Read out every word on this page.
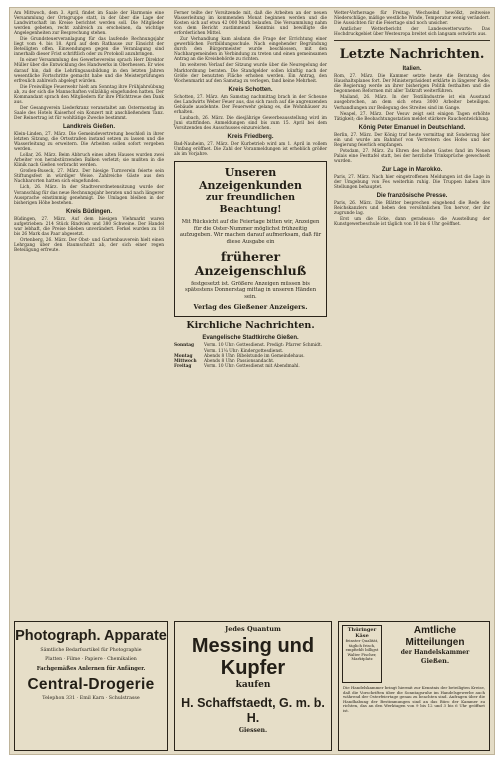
Am Mittwoch, dem 3. April, findet im Saale der Harmonie eine Versammlung der Ortsgruppe statt, in der über die Lage der Landwirtschaft im Kreise berichtet werden soll. Die Mitglieder werden gebeten, recht zahlreich zu erscheinen, da wichtige Angelegenheiten zur Besprechung stehen.

Die Grundsteuerveranlagung für das laufende Rechnungsjahr liegt vom 4. bis 18. April auf dem Rathause zur Einsicht der Beteiligten offen. Einwendungen gegen die Veranlagung sind innerhalb dieser Frist schriftlich oder zu Protokoll anzubringen.

In einer Versammlung des Gewerbevereins sprach Herr Direktor Müller über die Entwicklung des Handwerks in Oberhessen. Er wies darauf hin, daß die Lehrlingsausbildung in den letzten Jahren wesentliche Fortschritte gemacht habe und die Meisterprüfungen erfreulich zahlreich abgelegt würden.

Die Freiwillige Feuerwehr hielt am Sonntag ihre Frühjahrsübung ab, zu der sich die Mannschaften vollzählig eingefunden hatten. Der Kommandant sprach den Mitgliedern für ihre Pflichttreue den Dank aus.

Der Gesangverein Liederkranz veranstaltet am Ostermontag im Saale des Hotels Kaiserhof ein Konzert mit anschließendem Tanz. Der Reinertrag ist für wohltätige Zwecke bestimmt.

Landkreis Gießen.

Klein-Linden, 27. März. Die Gemeindevertretung beschloß in ihrer letzten Sitzung, die Ortsstraßen instand setzen zu lassen und die Wasserleitung zu erweitern. Die Arbeiten sollen sofort vergeben werden.

Lollar, 26. März. Beim Abbruch eines alten Hauses wurden zwei Arbeiter von herabstürzenden Balken verletzt; sie mußten in die Klinik nach Gießen verbracht werden.

Großen-Buseck, 27. März. Der hiesige Turnverein feierte sein Stiftungsfest in würdiger Weise. Zahlreiche Gäste aus den Nachbarorten hatten sich eingefunden.

Lich, 26. März. In der Stadtverordnetensitzung wurde der Voranschlag für das neue Rechnungsjahr beraten und nach längerer Aussprache einstimmig genehmigt. Die Umlagen bleiben in der bisherigen Höhe bestehen.

Kreis Büdingen.

Büdingen, 27. März. Auf dem hiesigen Viehmarkt waren aufgetrieben: 214 Stück Rindvieh und 380 Schweine. Der Handel war lebhaft, die Preise blieben unverändert. Ferkel wurden zu 18 bis 26 Mark das Paar abgesetzt.

Ortenberg, 26. März. Der Obst- und Gartenbauverein hielt einen Lehrgang über den Baumschnitt ab, der sich einer regen Beteiligung erfreute.

Ferner teilte der Vorsitzende mit, daß die Arbeiten an der neuen Wasserleitung im kommenden Monat beginnen werden und die Kosten sich auf etwa 42 000 Mark belaufen. Die Versammlung nahm von dem Bericht zustimmend Kenntnis und bewilligte die erforderlichen Mittel.

Zur Verhandlung kam alsdann die Frage der Errichtung einer gewerblichen Fortbildungsschule. Nach eingehender Begründung durch den Bürgermeister wurde beschlossen, mit den Nachbargemeinden in Verbindung zu treten und einen gemeinsamen Antrag an die Kreisbehörde zu richten.

Im weiteren Verlauf der Sitzung wurde über die Neuregelung der Marktordnung beraten. Die Standgelder sollen künftig nach der Größe der benutzten Fläche erhoben werden. Ein Antrag, den Wochenmarkt auf den Samstag zu verlegen, fand keine Mehrheit.

Kreis Schotten.

Schotten, 27. März. Am Samstag nachmittag brach in der Scheune des Landwirts Weber Feuer aus, das sich rasch auf die angrenzenden Gebäude ausdehnte. Der Feuerwehr gelang es, die Wohnhäuser zu erhalten.

Laubach, 26. März. Die diesjährige Gewerbeausstellung wird im Juni stattfinden. Anmeldungen sind bis zum 15. April bei dem Vorsitzenden des Ausschusses einzureichen.

Kreis Friedberg.

Bad-Nauheim, 27. März. Der Kurbetrieb wird am 1. April in vollem Umfang eröffnet. Die Zahl der Voranmeldungen ist erheblich größer als im Vorjahre.

Unseren Anzeigenkunden
zur freundlichen Beachtung!
Mit Rücksicht auf die Feiertage bitten wir, Anzeigen für die Oster-Nummer möglichst frühzeitig aufzugeben. Wir machen darauf aufmerksam, daß für diese Ausgabe ein
früherer Anzeigenschluß
festgesetzt ist. Größere Anzeigen müssen bis spätestens Donnerstag mittag in unseren Händen sein.
Verlag des Gießener Anzeigers.
Kirchliche Nachrichten.
Evangelische Stadtkirche Gießen.
Sonntag	Vorm. 10 Uhr: Gottesdienst. Predigt: Pfarrer Schmidt.
	Vorm. 11¼ Uhr: Kindergottesdienst.
Montag	Abends 8 Uhr: Bibelstunde im Gemeindehaus.
Mittwoch	Abends 8 Uhr: Passionsandacht.
Freitag	Vorm. 10 Uhr: Gottesdienst mit Abendmahl.

Wetter-Vorhersage für Freitag: Wechselnd bewölkt, zeitweise Niederschläge, mäßige westliche Winde, Temperatur wenig verändert. Die Aussichten für die Feiertage sind noch unsicher.

Amtlicher Wetterbericht der Landeswetterwarte: Das Hochdruckgebiet über Westeuropa breitet sich langsam ostwärts aus.

Letzte Nachrichten.
Italien.

Rom, 27. März. Die Kammer setzte heute die Beratung des Haushaltsplanes fort. Der Ministerpräsident erklärte in längerer Rede, die Regierung werde an ihrer bisherigen Politik festhalten und die begonnenen Reformen mit aller Tatkraft weiterführen.

Mailand, 26. März. In der Textilindustrie ist ein Ausstand ausgebrochen, an dem sich etwa 3000 Arbeiter beteiligen. Verhandlungen zur Beilegung des Streites sind im Gange.

Neapel, 27. März. Der Vesuv zeigt seit einigen Tagen erhöhte Tätigkeit; die Beobachtungsstation meldet stärkere Rauchentwicklung.

König Peter Emanuel in Deutschland.

Berlin, 27. März. Der König traf heute vormittag mit Sonderzug hier ein und wurde am Bahnhof von Vertretern des Hofes und der Regierung feierlich empfangen.

Potsdam, 27. März. Zu Ehren des hohen Gastes fand im Neuen Palais eine Festtafel statt, bei der herzliche Trinksprüche gewechselt wurden.

Zur Lage in Marokko.

Paris, 27. März. Nach hier eingetroffenen Meldungen ist die Lage in der Umgebung von Fes weiterhin ruhig. Die Truppen haben ihre Stellungen behauptet.

Die französische Presse.

Paris, 26. März. Die Blätter besprechen eingehend die Rede des Reichskanzlers und heben den versöhnlichen Ton hervor, der ihr zugrunde lag.

Erst um die Ecke, dann geradeaus: die Ausstellung der Kunstgewerbeschule ist täglich von 10 bis 6 Uhr geöffnet.

Photograph. Apparate
Sämtliche Bedarfsartikel für Photographie
Platten · Filme · Papiere · Chemikalien
Fachgemäßes Anlernen für Anfänger.
Central-Drogerie
Telephon 331 · Emil Karn · Schulstrasse
Jedes Quantum
Messing und Kupfer
kaufen
H. Schaffstaedt, G. m. b. H.
Giessen.
Thüringer Käse
feinster Qualität, täglich frisch, empfiehlt billigst Walter Fischer, Marktplatz
Amtliche Mitteilungen
der Handelskammer
Gießen.
Die Handelskammer bringt hiermit zur Kenntnis der beteiligten Kreise, daß die Vorschriften über die Sonntagsruhe im Handelsgewerbe auch während der Osterfeiertage genau zu beachten sind. Anfragen über die Handhabung der Bestimmungen sind an das Büro der Kammer zu richten, das an den Werktagen von 9 bis 12 und 3 bis 6 Uhr geöffnet ist.
